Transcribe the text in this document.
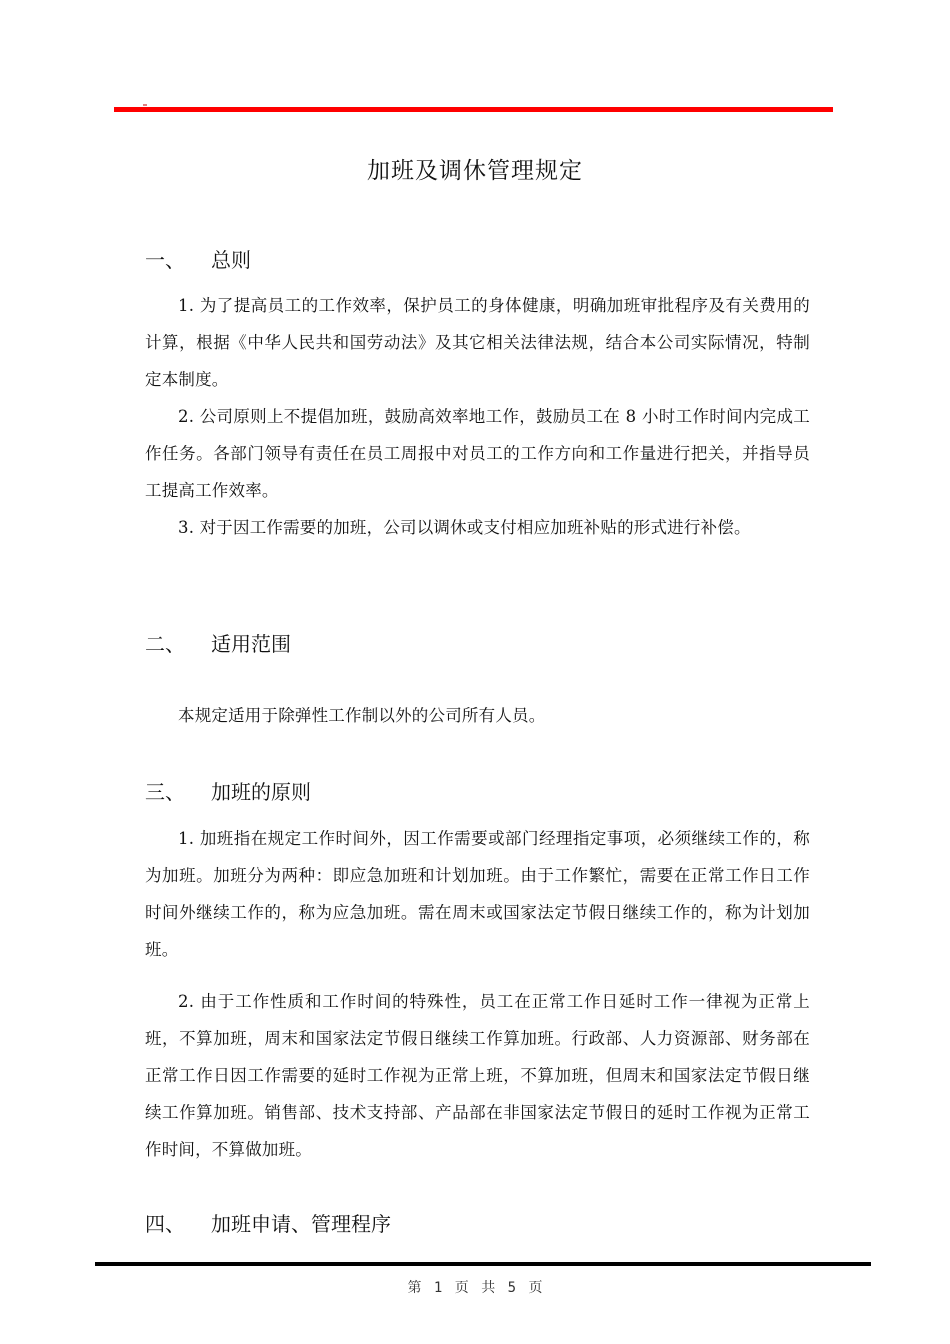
加班及调休管理规定
一、 总则
1. 为了提高员工的工作效率，保护员工的身体健康，明确加班审批程序及有关费用的计算，根据《中华人民共和国劳动法》及其它相关法律法规，结合本公司实际情况，特制定本制度。
2. 公司原则上不提倡加班，鼓励高效率地工作，鼓励员工在 8 小时工作时间内完成工作任务。各部门领导有责任在员工周报中对员工的工作方向和工作量进行把关，并指导员工提高工作效率。
3. 对于因工作需要的加班，公司以调休或支付相应加班补贴的形式进行补偿。
二、 适用范围
本规定适用于除弹性工作制以外的公司所有人员。
三、 加班的原则
1. 加班指在规定工作时间外，因工作需要或部门经理指定事项，必须继续工作的，称为加班。加班分为两种：即应急加班和计划加班。由于工作繁忙，需要在正常工作日工作时间外继续工作的，称为应急加班。需在周末或国家法定节假日继续工作的，称为计划加班。
2. 由于工作性质和工作时间的特殊性，员工在正常工作日延时工作一律视为正常上班，不算加班，周末和国家法定节假日继续工作算加班。行政部、人力资源部、财务部在正常工作日因工作需要的延时工作视为正常上班，不算加班，但周末和国家法定节假日继续工作算加班。销售部、技术支持部、产品部在非国家法定节假日的延时工作视为正常工作时间，不算做加班。
四、 加班申请、管理程序
第 1 页 共 5 页
